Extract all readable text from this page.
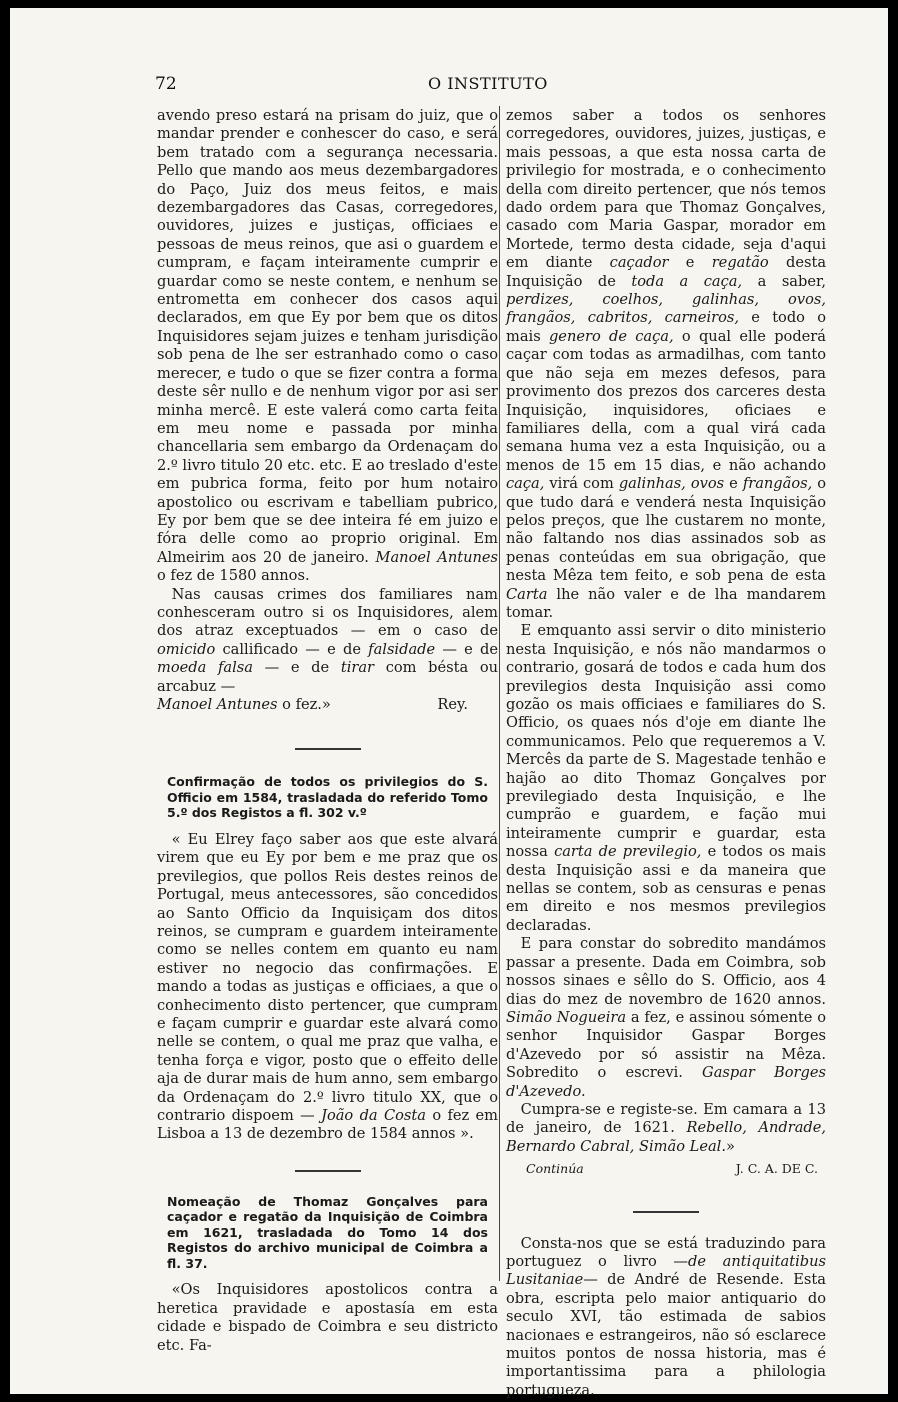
72	O INSTITUTO

avendo preso estará na prisam do juiz, que o mandar prender e conhescer do caso, e será bem tratado com a segurança necessaria. Pello que mando aos meus dezembargadores do Paço, Juiz dos meus feitos, e mais dezembargadores das Casas, corregedores, ouvidores, juizes e justiças, officiaes e pessoas de meus reinos, que asi o guardem e cumpram, e façam inteiramente cumprir e guardar como se neste contem, e nenhum se entrometta em conhecer dos casos aqui declarados, em que Ey por bem que os ditos Inquisidores sejam juizes e tenham jurisdição sob pena de lhe ser estranhado como o caso merecer, e tudo o que se fizer contra a forma deste sêr nullo e de nenhum vigor por asi ser minha mercê. E este valerá como carta feita em meu nome e passada por minha chancellaria sem embargo da Ordenaçam do 2.º livro titulo 20 etc. etc. E ao treslado d'este em pubrica forma, feito por hum notairo apostolico ou escrivam e tabelliam pubrico, Ey por bem que se dee inteira fé em juizo e fóra delle como ao proprio original. Em Almeirim aos 20 de janeiro. Manoel Antunes o fez de 1580 annos.

Nas causas crimes dos familiares nam conhesceram outro si os Inquisidores, alem dos atraz exceptuados — em o caso de omicido callificado — e de falsidade — e de moeda falsa — e de tirar com bésta ou arcabuz —

Manoel Antunes o fez.»	Rey.

Confirmação de todos os privilegios do S. Officio em 1584, trasladada do referido Tomo 5.º dos Registos a fl. 302 v.º

« Eu Elrey faço saber aos que este alvará virem que eu Ey por bem e me praz que os previlegios, que pollos Reis destes reinos de Portugal, meus antecessores, são concedidos ao Santo Officio da Inquisiçam dos ditos reinos, se cumpram e guardem inteiramente como se nelles contem em quanto eu nam estiver no negocio das confirmações. E mando a todas as justiças e officiaes, a que o conhecimento disto pertencer, que cumpram e façam cumprir e guardar este alvará como nelle se contem, o qual me praz que valha, e tenha força e vigor, posto que o effeito delle aja de durar mais de hum anno, sem embargo da Ordenaçam do 2.º livro titulo XX, que o contrario dispoem — João da Costa o fez em Lisboa a 13 de dezembro de 1584 annos ».

Nomeação de Thomaz Gonçalves para caçador e regatão da Inquisição de Coimbra em 1621, trasladada do Tomo 14 dos Registos do archivo municipal de Coimbra a fl. 37.

«Os Inquisidores apostolicos contra a heretica pravidade e apostasía em esta cidade e bispado de Coimbra e seu districto etc. Fa-

zemos saber a todos os senhores corregedores, ouvidores, juizes, justiças, e mais pessoas, a que esta nossa carta de privilegio for mostrada, e o conhecimento della com direito pertencer, que nós temos dado ordem para que Thomaz Gonçalves, casado com Maria Gaspar, morador em Mortede, termo desta cidade, seja d'aqui em diante caçador e regatão desta Inquisição de toda a caça, a saber, perdizes, coelhos, galinhas, ovos, frangãos, cabritos, carneiros, e todo o mais genero de caça, o qual elle poderá caçar com todas as armadilhas, com tanto que não seja em mezes defesos, para provimento dos prezos dos carceres desta Inquisição, inquisidores, oficiaes e familiares della, com a qual virá cada semana huma vez a esta Inquisição, ou a menos de 15 em 15 dias, e não achando caça, virá com galinhas, ovos e frangãos, o que tudo dará e venderá nesta Inquisição pelos preços, que lhe custarem no monte, não faltando nos dias assinados sob as penas conteúdas em sua obrigação, que nesta Mêza tem feito, e sob pena de esta Carta lhe não valer e de lha mandarem tomar.

E emquanto assi servir o dito ministerio nesta Inquisição, e nós não mandarmos o contrario, gosará de todos e cada hum dos previlegios desta Inquisição assi como gozão os mais officiaes e familiares do S. Officio, os quaes nós d'oje em diante lhe communicamos. Pelo que requeremos a V. Mercês da parte de S. Magestade tenhão e hajão ao dito Thomaz Gonçalves por previlegiado desta Inquisição, e lhe cumprão e guardem, e fação mui inteiramente cumprir e guardar, esta nossa carta de previlegio, e todos os mais desta Inquisição assi e da maneira que nellas se contem, sob as censuras e penas em direito e nos mesmos previlegios declaradas.

E para constar do sobredito mandámos passar a presente. Dada em Coimbra, sob nossos sinaes e sêllo do S. Officio, aos 4 dias do mez de novembro de 1620 annos. Simão Nogueira a fez, e assinou sómente o senhor Inquisidor Gaspar Borges d'Azevedo por só assistir na Mêza. Sobredito o escrevi. Gaspar Borges d'Azevedo.

Cumpra-se e registe-se. Em camara a 13 de janeiro, de 1621. Rebello, Andrade, Bernardo Cabral, Simão Leal.»

Continúa	J. C. A. DE C.

Consta-nos que se está traduzindo para portuguez o livro —de antiquitatibus Lusitaniae— de André de Resende. Esta obra, escripta pelo maior antiquario do seculo XVI, tão estimada de sabios nacionaes e estrangeiros, não só esclarece muitos pontos de nossa historia, mas é importantissima para a philologia portugueza.
